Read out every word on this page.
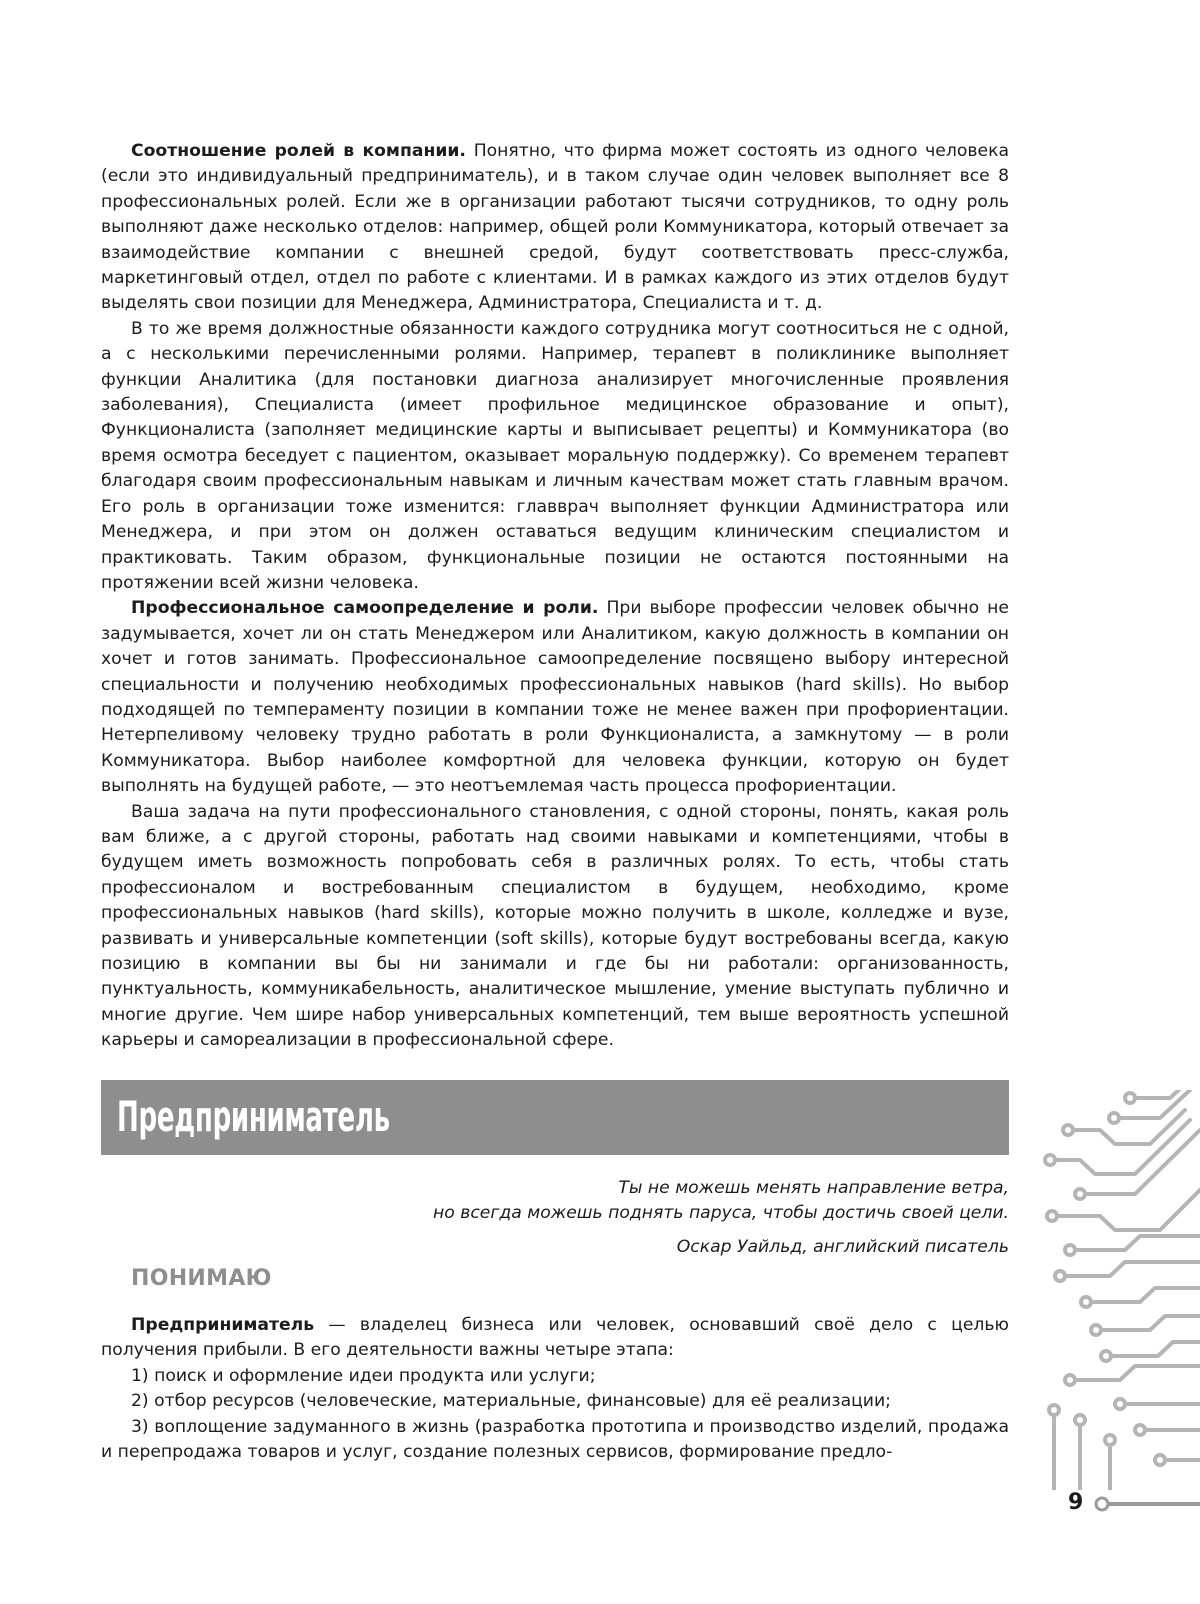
Соотношение ролей в компании. Понятно, что фирма может состоять из одного человека (если это индивидуальный предприниматель), и в таком случае один человек выполняет все 8 профессиональных ролей. Если же в организации работают тысячи сотрудников, то одну роль выполняют даже несколько отделов: например, общей роли Коммуникатора, который отвечает за взаимодействие компании с внешней средой, будут соответствовать пресс-служба, маркетинговый отдел, отдел по работе с клиентами. И в рамках каждого из этих отделов будут выделять свои позиции для Менеджера, Администратора, Специалиста и т. д.

В то же время должностные обязанности каждого сотрудника могут соотноситься не с одной, а с несколькими перечисленными ролями. Например, терапевт в поликлинике выполняет функции Аналитика (для постановки диагноза анализирует многочисленные проявления заболевания), Специалиста (имеет профильное медицинское образование и опыт), Функционалиста (заполняет медицинские карты и выписывает рецепты) и Коммуникатора (во время осмотра беседует с пациентом, оказывает моральную поддержку). Со временем терапевт благодаря своим профессиональным навыкам и личным качествам может стать главным врачом. Его роль в организации тоже изменится: главврач выполняет функции Администратора или Менеджера, и при этом он должен оставаться ведущим клиническим специалистом и практиковать. Таким образом, функциональные позиции не остаются постоянными на протяжении всей жизни человека.

Профессиональное самоопределение и роли. При выборе профессии человек обычно не задумывается, хочет ли он стать Менеджером или Аналитиком, какую должность в компании он хочет и готов занимать. Профессиональное самоопределение посвящено выбору интересной специальности и получению необходимых профессиональных навыков (hard skills). Но выбор подходящей по темпераменту позиции в компании тоже не менее важен при профориентации. Нетерпеливому человеку трудно работать в роли Функционалиста, а замкнутому — в роли Коммуникатора. Выбор наиболее комфортной для человека функции, которую он будет выполнять на будущей работе, — это неотъемлемая часть процесса профориентации.

Ваша задача на пути профессионального становления, с одной стороны, понять, какая роль вам ближе, а с другой стороны, работать над своими навыками и компетенциями, чтобы в будущем иметь возможность попробовать себя в различных ролях. То есть, чтобы стать профессионалом и востребованным специалистом в будущем, необходимо, кроме профессиональных навыков (hard skills), которые можно получить в школе, колледже и вузе, развивать и универсальные компетенции (soft skills), которые будут востребованы всегда, какую позицию в компании вы бы ни занимали и где бы ни работали: организованность, пунктуальность, коммуникабельность, аналитическое мышление, умение выступать публично и многие другие. Чем шире набор универсальных компетенций, тем выше вероятность успешной карьеры и самореализации в профессиональной сфере.

Предприниматель
Ты не можешь менять направление ветра,
но всегда можешь поднять паруса, чтобы достичь своей цели.
Оскар Уайльд, английский писатель
ПОНИМАЮ

Предприниматель — владелец бизнеса или человек, основавший своё дело с целью получения прибыли. В его деятельности важны четыре этапа:

1) поиск и оформление идеи продукта или услуги;

2) отбор ресурсов (человеческие, материальные, финансовые) для её реализации;

3) воплощение задуманного в жизнь (разработка прототипа и производство изделий, продажа и перепродажа товаров и услуг, создание полезных сервисов, формирование предло-

9
